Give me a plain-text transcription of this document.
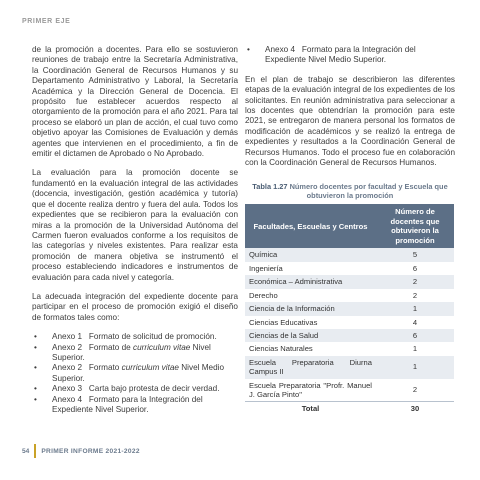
PRIMER EJE

de la promoción a docentes. Para ello se sostuvieron reuniones de trabajo entre la Secretaría Administrativa, la Coordinación General de Recursos Humanos y su Departamento Administrativo y Laboral, la Secretaría Académica y la Dirección General de Docencia. El propósito fue establecer acuerdos respecto al otorgamiento de la promoción para el año 2021. Para tal proceso se elaboró un plan de acción, el cual tuvo como objetivo apoyar las Comisiones de Evaluación y demás agentes que intervienen en el procedimiento, a fin de emitir el dictamen de Aprobado o No Aprobado.

La evaluación para la promoción docente se fundamentó en la evaluación integral de las actividades (docencia, investigación, gestión académica y tutoría) que el docente realiza dentro y fuera del aula. Todos los expedientes que se recibieron para la evaluación con miras a la promoción de la Universidad Autónoma del Carmen fueron evaluados conforme a los requisitos de las categorías y niveles existentes. Para realizar esta promoción de manera objetiva se instrumentó el proceso estableciendo indicadores e instrumentos de evaluación para cada nivel y categoría.

La adecuada integración del expediente docente para participar en el proceso de promoción exigió el diseño de formatos tales como:

• Anexo 1 Formato de solicitud de promoción.
• Anexo 2 Formato de curriculum vitae Nivel Superior.
• Anexo 2 Formato curriculum vitae Nivel Medio Superior.
• Anexo 3 Carta bajo protesta de decir verdad.
• Anexo 4 Formato para la Integración del Expediente Nivel Superior.
• Anexo 4 Formato para la Integración del Expediente Nivel Medio Superior.

En el plan de trabajo se describieron las diferentes etapas de la evaluación integral de los expedientes de los solicitantes. En reunión administrativa para seleccionar a los docentes que obtendrían la promoción para este 2021, se entregaron de manera personal los formatos de modificación de académicos y se realizó la entrega de expedientes y resultados a la Coordinación General de Recursos Humanos. Todo el proceso fue en colaboración con la Coordinación General de Recursos Humanos.

Tabla 1.27 Número docentes por facultad y Escuela que obtuvieron la promoción
Facultades, Escuelas y Centros	Número de docentes que obtuvieron la promoción
Química	5
Ingeniería	6
Económica – Administrativa	2
Derecho	2
Ciencia de la Información	1
Ciencias Educativas	4
Ciencias de la Salud	6
Ciencias Naturales	1
Escuela Preparatoria Diurna Campus II	1
Escuela Preparatoria "Profr. Manuel J. García Pinto"	2
Total	30
54 PRIMER INFORME 2021-2022
